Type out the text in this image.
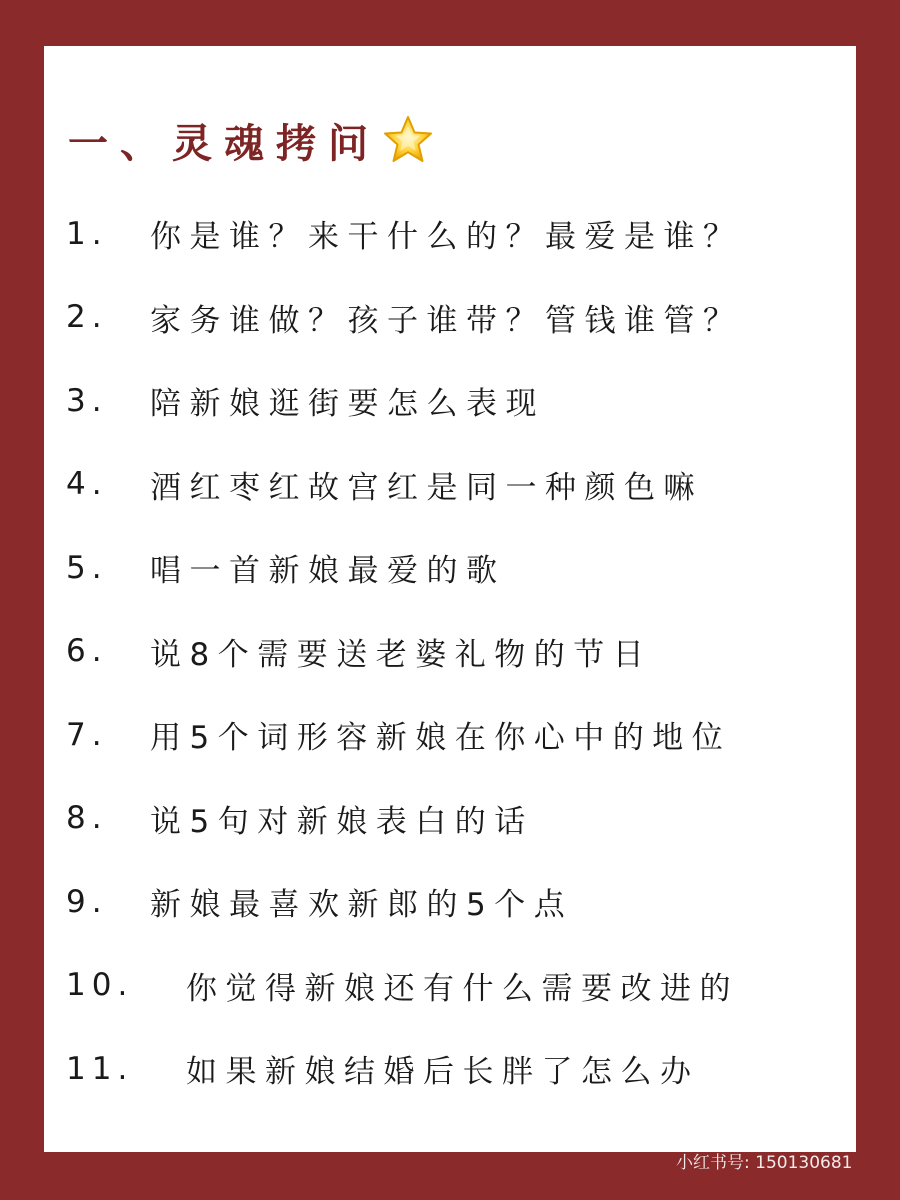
一、灵魂拷问
1.	你是谁？来干什么的？最爱是谁？
2.	家务谁做？孩子谁带？管钱谁管？
3.	陪新娘逛街要怎么表现
4.	酒红枣红故宫红是同一种颜色嘛
5.	唱一首新娘最爱的歌
6.	说8个需要送老婆礼物的节日
7.	用5个词形容新娘在你心中的地位
8.	说5句对新娘表白的话
9.	新娘最喜欢新郎的5个点
10.	你觉得新娘还有什么需要改进的
11.	如果新娘结婚后长胖了怎么办
小红书
小红书号: 150130681
